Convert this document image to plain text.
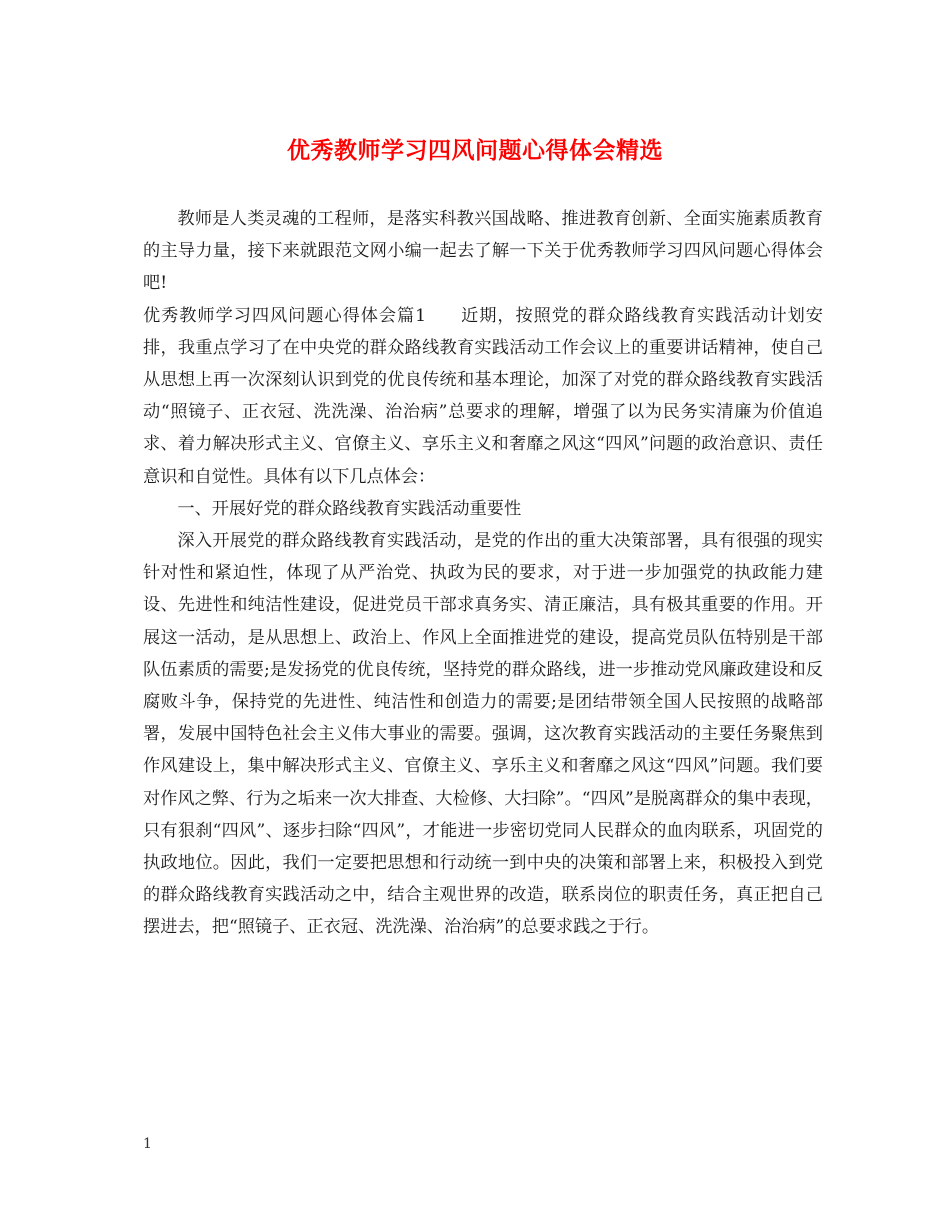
优秀教师学习四风问题心得体会精选

教师是人类灵魂的工程师，是落实科教兴国战略、推进教育创新、全面实施素质教育的主导力量，接下来就跟范文网小编一起去了解一下关于优秀教师学习四风问题心得体会吧!

优秀教师学习四风问题心得体会篇1 近期，按照党的群众路线教育实践活动计划安排，我重点学习了在中央党的群众路线教育实践活动工作会议上的重要讲话精神，使自己从思想上再一次深刻认识到党的优良传统和基本理论，加深了对党的群众路线教育实践活动“照镜子、正衣冠、洗洗澡、治治病”总要求的理解，增强了以为民务实清廉为价值追求、着力解决形式主义、官僚主义、享乐主义和奢靡之风这“四风”问题的政治意识、责任意识和自觉性。具体有以下几点体会：

一、开展好党的群众路线教育实践活动重要性

深入开展党的群众路线教育实践活动，是党的作出的重大决策部署，具有很强的现实针对性和紧迫性，体现了从严治党、执政为民的要求，对于进一步加强党的执政能力建设、先进性和纯洁性建设，促进党员干部求真务实、清正廉洁，具有极其重要的作用。开展这一活动，是从思想上、政治上、作风上全面推进党的建设，提高党员队伍特别是干部队伍素质的需要;是发扬党的优良传统，坚持党的群众路线，进一步推动党风廉政建设和反腐败斗争，保持党的先进性、纯洁性和创造力的需要;是团结带领全国人民按照的战略部署，发展中国特色社会主义伟大事业的需要。强调，这次教育实践活动的主要任务聚焦到作风建设上，集中解决形式主义、官僚主义、享乐主义和奢靡之风这“四风”问题。我们要对作风之弊、行为之垢来一次大排查、大检修、大扫除”。“四风”是脱离群众的集中表现，只有狠刹“四风”、逐步扫除“四风”，才能进一步密切党同人民群众的血肉联系，巩固党的执政地位。因此，我们一定要把思想和行动统一到中央的决策和部署上来，积极投入到党的群众路线教育实践活动之中，结合主观世界的改造，联系岗位的职责任务，真正把自己摆进去，把“照镜子、正衣冠、洗洗澡、治治病”的总要求践之于行。

1
